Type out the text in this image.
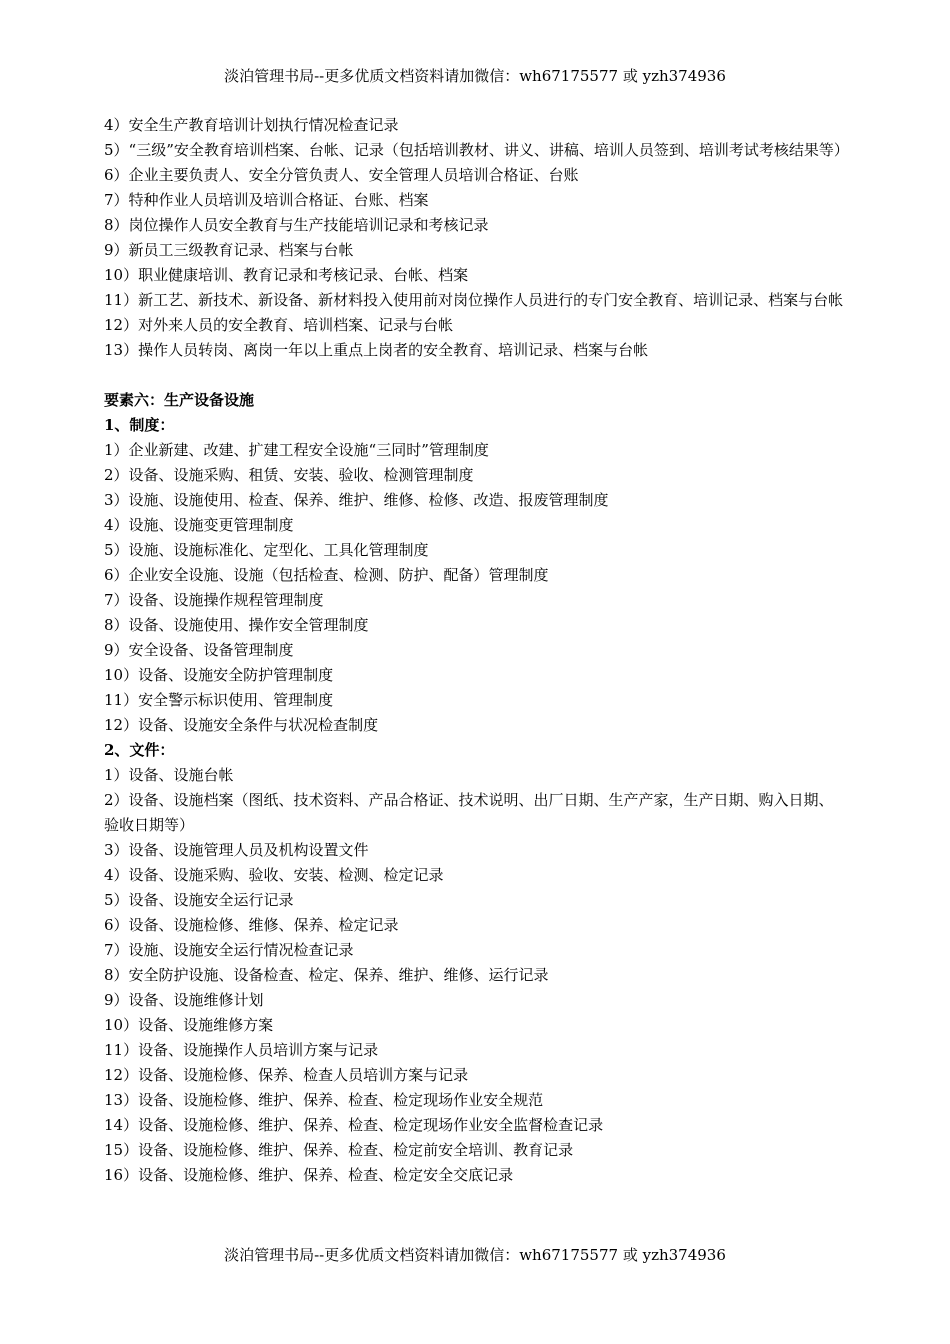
淡泊管理书局--更多优质文档资料请加微信：wh67175577 或 yzh374936

4）安全生产教育培训计划执行情况检查记录

5）“三级”安全教育培训档案、台帐、记录（包括培训教材、讲义、讲稿、培训人员签到、培训考试考核结果等）

6）企业主要负责人、安全分管负责人、安全管理人员培训合格证、台账

7）特种作业人员培训及培训合格证、台账、档案

8）岗位操作人员安全教育与生产技能培训记录和考核记录

9）新员工三级教育记录、档案与台帐

10）职业健康培训、教育记录和考核记录、台帐、档案

11）新工艺、新技术、新设备、新材料投入使用前对岗位操作人员进行的专门安全教育、培训记录、档案与台帐

12）对外来人员的安全教育、培训档案、记录与台帐

13）操作人员转岗、离岗一年以上重点上岗者的安全教育、培训记录、档案与台帐

要素六：生产设备设施

1、制度：

1）企业新建、改建、扩建工程安全设施“三同时”管理制度

2）设备、设施采购、租赁、安装、验收、检测管理制度

3）设施、设施使用、检查、保养、维护、维修、检修、改造、报废管理制度

4）设施、设施变更管理制度

5）设施、设施标准化、定型化、工具化管理制度

6）企业安全设施、设施（包括检查、检测、防护、配备）管理制度

7）设备、设施操作规程管理制度

8）设备、设施使用、操作安全管理制度

9）安全设备、设备管理制度

10）设备、设施安全防护管理制度

11）安全警示标识使用、管理制度

12）设备、设施安全条件与状况检查制度

2、文件：

1）设备、设施台帐

2）设备、设施档案（图纸、技术资料、产品合格证、技术说明、出厂日期、生产产家，生产日期、购入日期、验收日期等）

3）设备、设施管理人员及机构设置文件

4）设备、设施采购、验收、安装、检测、检定记录

5）设备、设施安全运行记录

6）设备、设施检修、维修、保养、检定记录

7）设施、设施安全运行情况检查记录

8）安全防护设施、设备检查、检定、保养、维护、维修、运行记录

9）设备、设施维修计划

10）设备、设施维修方案

11）设备、设施操作人员培训方案与记录

12）设备、设施检修、保养、检查人员培训方案与记录

13）设备、设施检修、维护、保养、检查、检定现场作业安全规范

14）设备、设施检修、维护、保养、检查、检定现场作业安全监督检查记录

15）设备、设施检修、维护、保养、检查、检定前安全培训、教育记录

16）设备、设施检修、维护、保养、检查、检定安全交底记录

淡泊管理书局--更多优质文档资料请加微信：wh67175577 或 yzh374936
